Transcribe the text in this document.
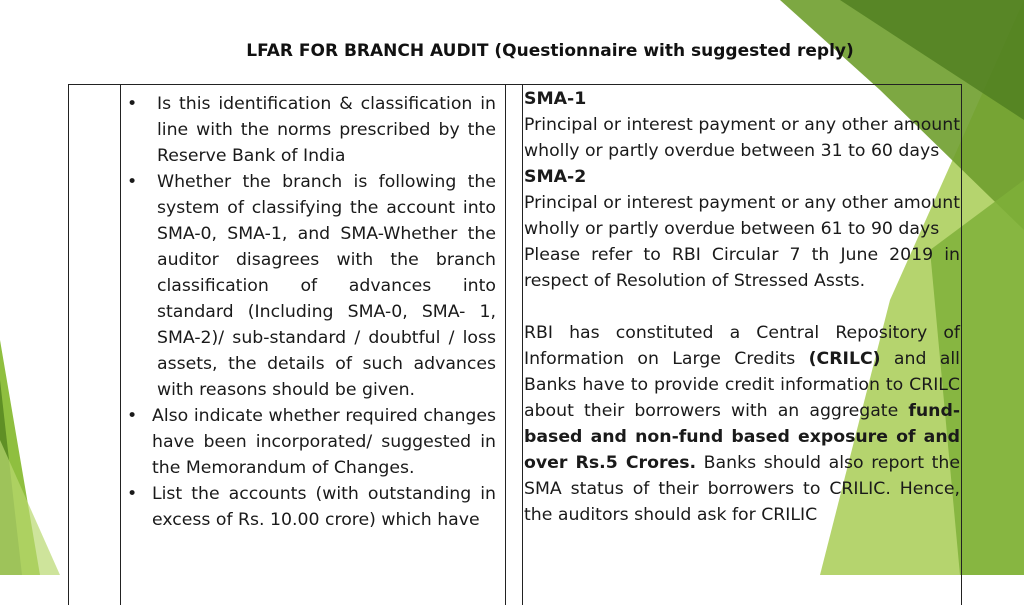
LFAR FOR BRANCH AUDIT (Questionnaire with suggested reply)
• Is this identification & classification in line with the norms prescribed by the Reserve Bank of India
• Whether the branch is following the system of classifying the account into SMA-0, SMA-1, and SMA-Whether the auditor disagrees with the branch classification of advances into standard (Including SMA-0, SMA- 1, SMA-2)/ sub-standard / doubtful / loss assets, the details of such advances with reasons should be given.
• Also indicate whether required changes have been incorporated/ suggested in the Memorandum of Changes.
• List the accounts (with outstanding in excess of Rs. 10.00 crore) which have

SMA-1

Principal or interest payment or any other amount wholly or partly overdue between 31 to 60 days

SMA-2

Principal or interest payment or any other amount wholly or partly overdue between 61 to 90 days

Please refer to RBI Circular 7 th June 2019 in respect of Resolution of Stressed Assts.

RBI has constituted a Central Repository of Information on Large Credits (CRILC) and all Banks have to provide credit information to CRILC about their borrowers with an aggregate fund-based and non-fund based exposure of and over Rs.5 Crores. Banks should also report the SMA status of their borrowers to CRILIC. Hence, the auditors should ask for CRILIC
